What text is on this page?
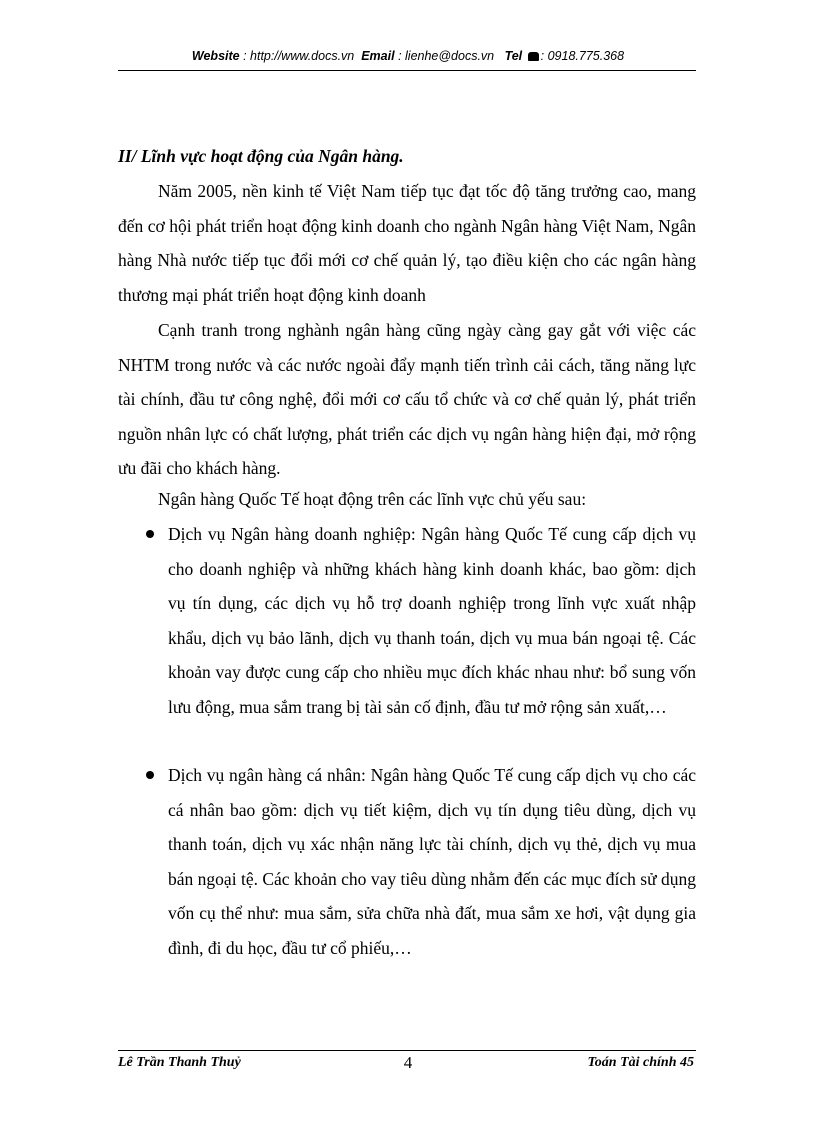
Website : http://www.docs.vn Email : lienhe@docs.vn Tel : 0918.775.368
II/ Lĩnh vực hoạt động của Ngân hàng.

Năm 2005, nền kinh tế Việt Nam tiếp tục đạt tốc độ tăng trưởng cao, mang đến cơ hội phát triển hoạt động kinh doanh cho ngành Ngân hàng Việt Nam, Ngân hàng Nhà nước tiếp tục đổi mới cơ chế quản lý, tạo điều kiện cho các ngân hàng thương mại phát triển hoạt động kinh doanh

Cạnh tranh trong nghành ngân hàng cũng ngày càng gay gắt với việc các NHTM trong nước và các nước ngoài đẩy mạnh tiến trình cải cách, tăng năng lực tài chính, đầu tư công nghệ, đổi mới cơ cấu tổ chức và cơ chế quản lý, phát triển nguồn nhân lực có chất lượng, phát triển các dịch vụ ngân hàng hiện đại, mở rộng ưu đãi cho khách hàng.

Ngân hàng Quốc Tế hoạt động trên các lĩnh vực chủ yếu sau:

Dịch vụ Ngân hàng doanh nghiệp: Ngân hàng Quốc Tế cung cấp dịch vụ cho doanh nghiệp và những khách hàng kinh doanh khác, bao gồm: dịch vụ tín dụng, các dịch vụ hỗ trợ doanh nghiệp trong lĩnh vực xuất nhập khẩu, dịch vụ bảo lãnh, dịch vụ thanh toán, dịch vụ mua bán ngoại tệ. Các khoản vay được cung cấp cho nhiều mục đích khác nhau như: bổ sung vốn lưu động, mua sắm trang bị tài sản cố định, đầu tư mở rộng sản xuất,…
Dịch vụ ngân hàng cá nhân: Ngân hàng Quốc Tế cung cấp dịch vụ cho các cá nhân bao gồm: dịch vụ tiết kiệm, dịch vụ tín dụng tiêu dùng, dịch vụ thanh toán, dịch vụ xác nhận năng lực tài chính, dịch vụ thẻ, dịch vụ mua bán ngoại tệ. Các khoản cho vay tiêu dùng nhằm đến các mục đích sử dụng vốn cụ thể như: mua sắm, sửa chữa nhà đất, mua sắm xe hơi, vật dụng gia đình, đi du học, đầu tư cổ phiếu,…
Lê Trần Thanh Thuỷ	4	Toán Tài chính 45
